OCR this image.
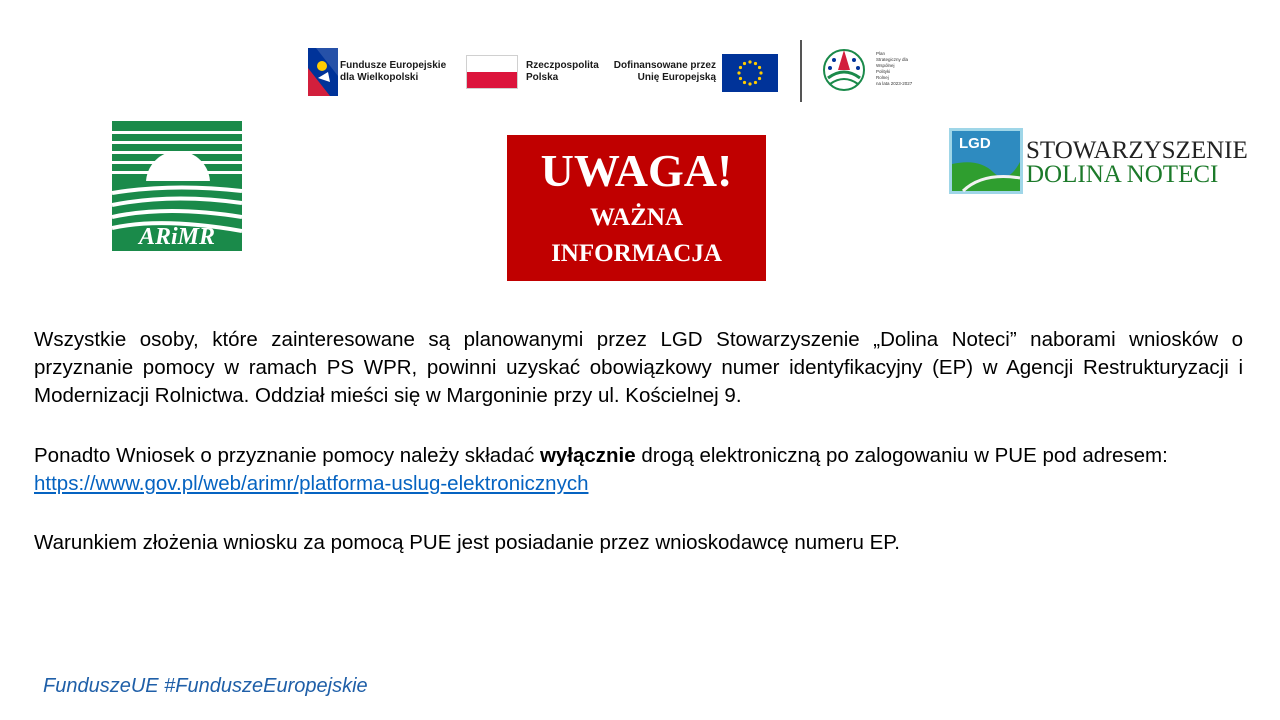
Fundusze Europejskie
dla Wielkopolski
Rzeczpospolita
Polska
Dofinansowane przez
Unię Europejską
Plan
Strategiczny dla
Wspólnej
Polityki
Rolnej
na lata 2023-2027
ARiMR
UWAGA!
WAŻNA
INFORMACJA
LGD STOWARZYSZENIE
DOLINA NOTECI
Wszystkie osoby, które zainteresowane są planowanymi przez LGD Stowarzyszenie „Dolina Noteci” naborami wniosków o przyznanie pomocy w ramach PS WPR, powinni uzyskać obowiązkowy numer identyfikacyjny (EP) w Agencji Restrukturyzacji i Modernizacji Rolnictwa. Oddział mieści się w Margoninie przy ul. Kościelnej 9.
Ponadto Wniosek o przyznanie pomocy należy składać wyłącznie drogą elektroniczną po zalogowaniu w PUE pod adresem:
https://www.gov.pl/web/arimr/platforma-uslug-elektronicznych
Warunkiem złożenia wniosku za pomocą PUE jest posiadanie przez wnioskodawcę numeru EP.
FunduszeUE #FunduszeEuropejskie
